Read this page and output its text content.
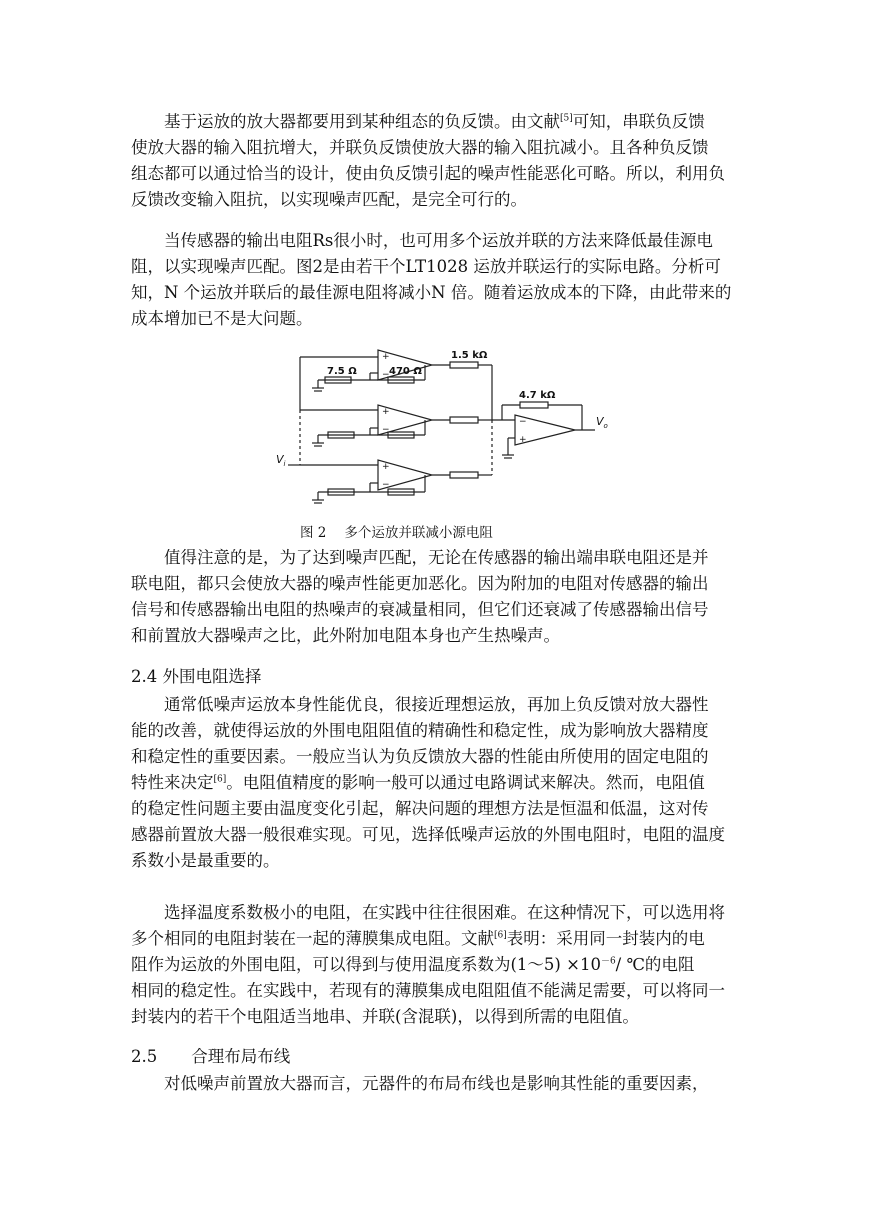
基于运放的放大器都要用到某种组态的负反馈。由文献[5]可知，串联负反馈
使放大器的输入阻抗增大，并联负反馈使放大器的输入阻抗减小。且各种负反馈
组态都可以通过恰当的设计，使由负反馈引起的噪声性能恶化可略。所以，利用负
反馈改变输入阻抗，以实现噪声匹配，是完全可行的。
当传感器的输出电阻Rs很小时，也可用多个运放并联的方法来降低最佳源电
阻，以实现噪声匹配。图2是由若干个LT1028 运放并联运行的实际电路。分析可
知，N 个运放并联后的最佳源电阻将减小N 倍。随着运放成本的下降，由此带来的
成本增加已不是大问题。
1.5 kΩ
7.5 Ω	470 Ω
4.7 kΩ
+
−
+
−
+
−
−
+
$V_i$
$V_o$
图 2 多个运放并联减小源电阻
值得注意的是，为了达到噪声匹配，无论在传感器的输出端串联电阻还是并
联电阻，都只会使放大器的噪声性能更加恶化。因为附加的电阻对传感器的输出
信号和传感器输出电阻的热噪声的衰减量相同，但它们还衰减了传感器输出信号
和前置放大器噪声之比，此外附加电阻本身也产生热噪声。
2.4 外围电阻选择
通常低噪声运放本身性能优良，很接近理想运放，再加上负反馈对放大器性
能的改善，就使得运放的外围电阻阻值的精确性和稳定性，成为影响放大器精度
和稳定性的重要因素。一般应当认为负反馈放大器的性能由所使用的固定电阻的
特性来决定[6]。电阻值精度的影响一般可以通过电路调试来解决。然而，电阻值
的稳定性问题主要由温度变化引起，解决问题的理想方法是恒温和低温，这对传
感器前置放大器一般很难实现。可见，选择低噪声运放的外围电阻时，电阻的温度
系数小是最重要的。
选择温度系数极小的电阻，在实践中往往很困难。在这种情况下，可以选用将
多个相同的电阻封装在一起的薄膜集成电阻。文献[6]表明：采用同一封装内的电
阻作为运放的外围电阻，可以得到与使用温度系数为(1～5) $\times 10^{-6}/$ ℃的电阻
相同的稳定性。在实践中，若现有的薄膜集成电阻阻值不能满足需要，可以将同一
封装内的若干个电阻适当地串、并联(含混联)，以得到所需的电阻值。
2.5 合理布局布线
对低噪声前置放大器而言，元器件的布局布线也是影响其性能的重要因素，
